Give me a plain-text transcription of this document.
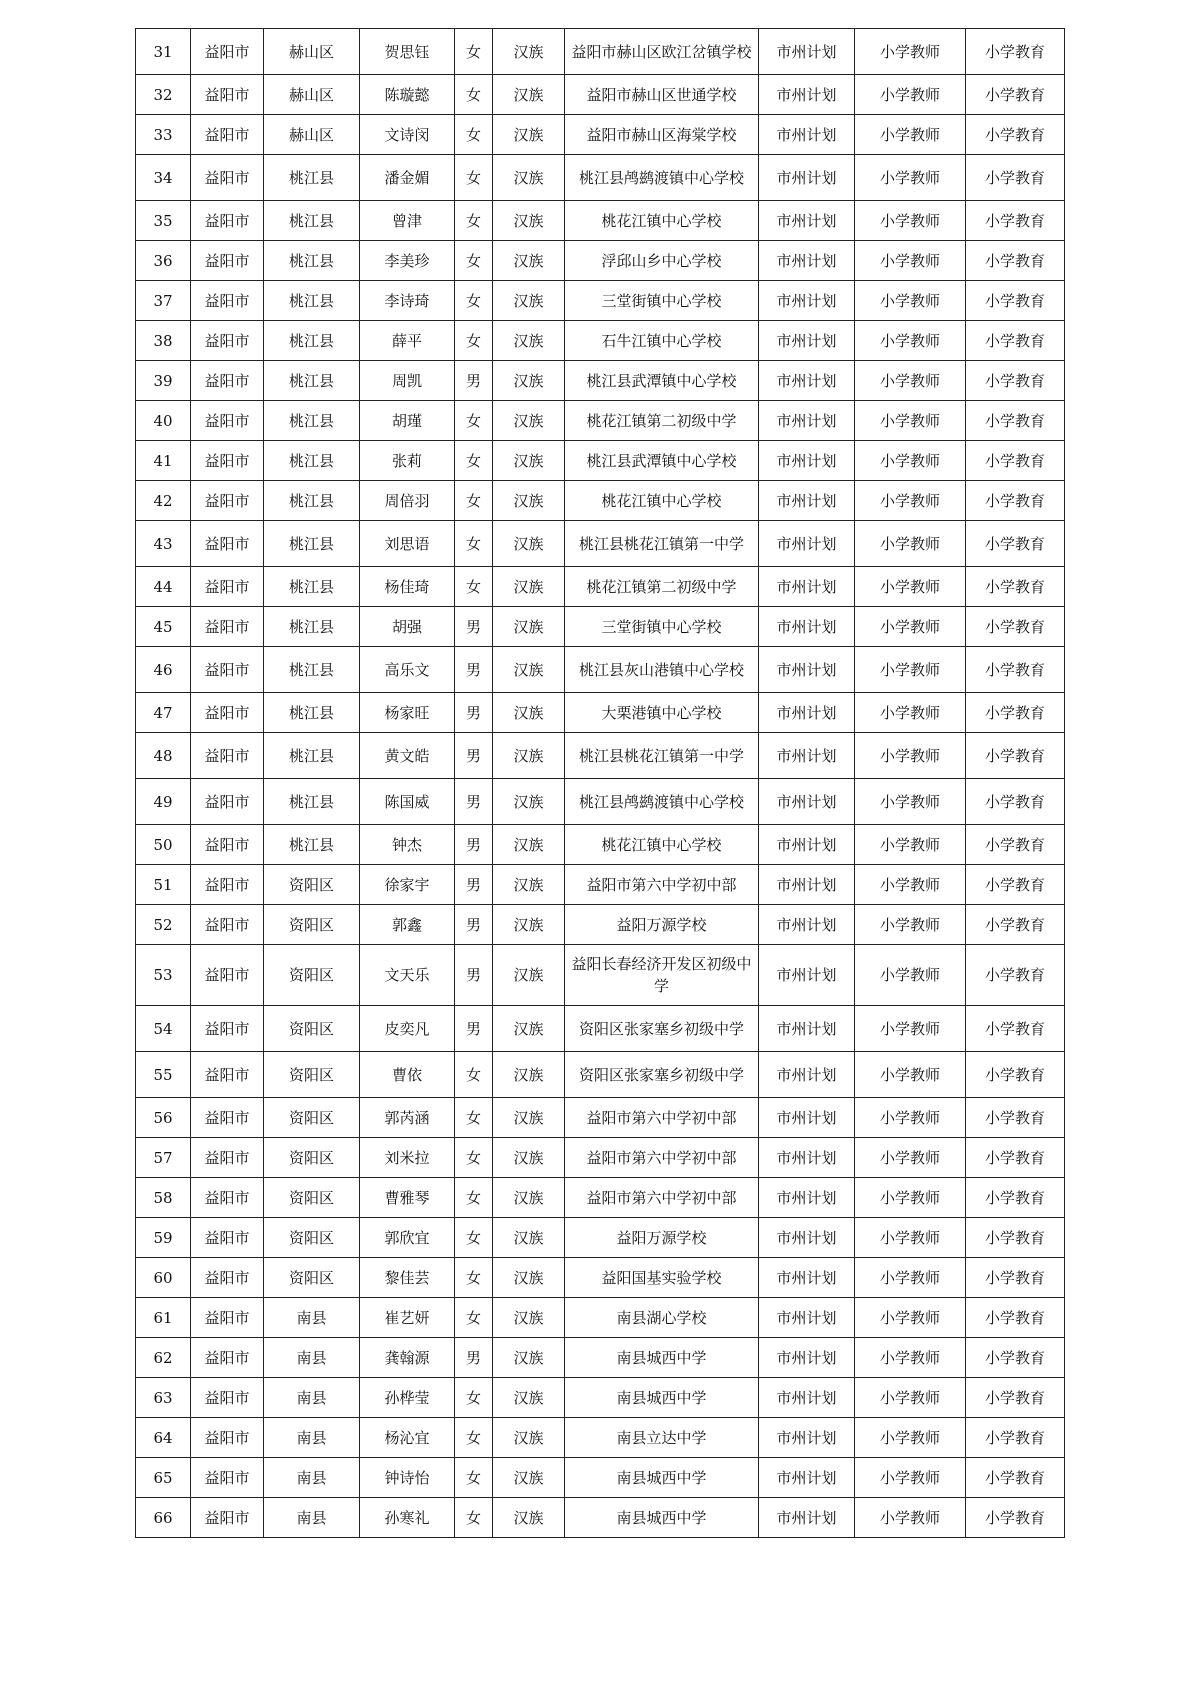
31	益阳市	赫山区	贺思钰	女	汉族	益阳市赫山区欧江岔镇学校	市州计划	小学教师	小学教育
32	益阳市	赫山区	陈璇懿	女	汉族	益阳市赫山区世通学校	市州计划	小学教师	小学教育
33	益阳市	赫山区	文诗闵	女	汉族	益阳市赫山区海棠学校	市州计划	小学教师	小学教育
34	益阳市	桃江县	潘金媚	女	汉族	桃江县鸬鹚渡镇中心学校	市州计划	小学教师	小学教育
35	益阳市	桃江县	曾津	女	汉族	桃花江镇中心学校	市州计划	小学教师	小学教育
36	益阳市	桃江县	李美珍	女	汉族	浮邱山乡中心学校	市州计划	小学教师	小学教育
37	益阳市	桃江县	李诗琦	女	汉族	三堂街镇中心学校	市州计划	小学教师	小学教育
38	益阳市	桃江县	薛平	女	汉族	石牛江镇中心学校	市州计划	小学教师	小学教育
39	益阳市	桃江县	周凯	男	汉族	桃江县武潭镇中心学校	市州计划	小学教师	小学教育
40	益阳市	桃江县	胡瑾	女	汉族	桃花江镇第二初级中学	市州计划	小学教师	小学教育
41	益阳市	桃江县	张莉	女	汉族	桃江县武潭镇中心学校	市州计划	小学教师	小学教育
42	益阳市	桃江县	周倍羽	女	汉族	桃花江镇中心学校	市州计划	小学教师	小学教育
43	益阳市	桃江县	刘思语	女	汉族	桃江县桃花江镇第一中学	市州计划	小学教师	小学教育
44	益阳市	桃江县	杨佳琦	女	汉族	桃花江镇第二初级中学	市州计划	小学教师	小学教育
45	益阳市	桃江县	胡强	男	汉族	三堂街镇中心学校	市州计划	小学教师	小学教育
46	益阳市	桃江县	高乐文	男	汉族	桃江县灰山港镇中心学校	市州计划	小学教师	小学教育
47	益阳市	桃江县	杨家旺	男	汉族	大栗港镇中心学校	市州计划	小学教师	小学教育
48	益阳市	桃江县	黄文皓	男	汉族	桃江县桃花江镇第一中学	市州计划	小学教师	小学教育
49	益阳市	桃江县	陈国威	男	汉族	桃江县鸬鹚渡镇中心学校	市州计划	小学教师	小学教育
50	益阳市	桃江县	钟杰	男	汉族	桃花江镇中心学校	市州计划	小学教师	小学教育
51	益阳市	资阳区	徐家宇	男	汉族	益阳市第六中学初中部	市州计划	小学教师	小学教育
52	益阳市	资阳区	郭鑫	男	汉族	益阳万源学校	市州计划	小学教师	小学教育
53	益阳市	资阳区	文天乐	男	汉族	益阳长春经济开发区初级中学	市州计划	小学教师	小学教育
54	益阳市	资阳区	皮奕凡	男	汉族	资阳区张家塞乡初级中学	市州计划	小学教师	小学教育
55	益阳市	资阳区	曹依	女	汉族	资阳区张家塞乡初级中学	市州计划	小学教师	小学教育
56	益阳市	资阳区	郭芮涵	女	汉族	益阳市第六中学初中部	市州计划	小学教师	小学教育
57	益阳市	资阳区	刘米拉	女	汉族	益阳市第六中学初中部	市州计划	小学教师	小学教育
58	益阳市	资阳区	曹雅琴	女	汉族	益阳市第六中学初中部	市州计划	小学教师	小学教育
59	益阳市	资阳区	郭欣宜	女	汉族	益阳万源学校	市州计划	小学教师	小学教育
60	益阳市	资阳区	黎佳芸	女	汉族	益阳国基实验学校	市州计划	小学教师	小学教育
61	益阳市	南县	崔艺妍	女	汉族	南县湖心学校	市州计划	小学教师	小学教育
62	益阳市	南县	龚翰源	男	汉族	南县城西中学	市州计划	小学教师	小学教育
63	益阳市	南县	孙桦莹	女	汉族	南县城西中学	市州计划	小学教师	小学教育
64	益阳市	南县	杨沁宜	女	汉族	南县立达中学	市州计划	小学教师	小学教育
65	益阳市	南县	钟诗怡	女	汉族	南县城西中学	市州计划	小学教师	小学教育
66	益阳市	南县	孙寒礼	女	汉族	南县城西中学	市州计划	小学教师	小学教育
